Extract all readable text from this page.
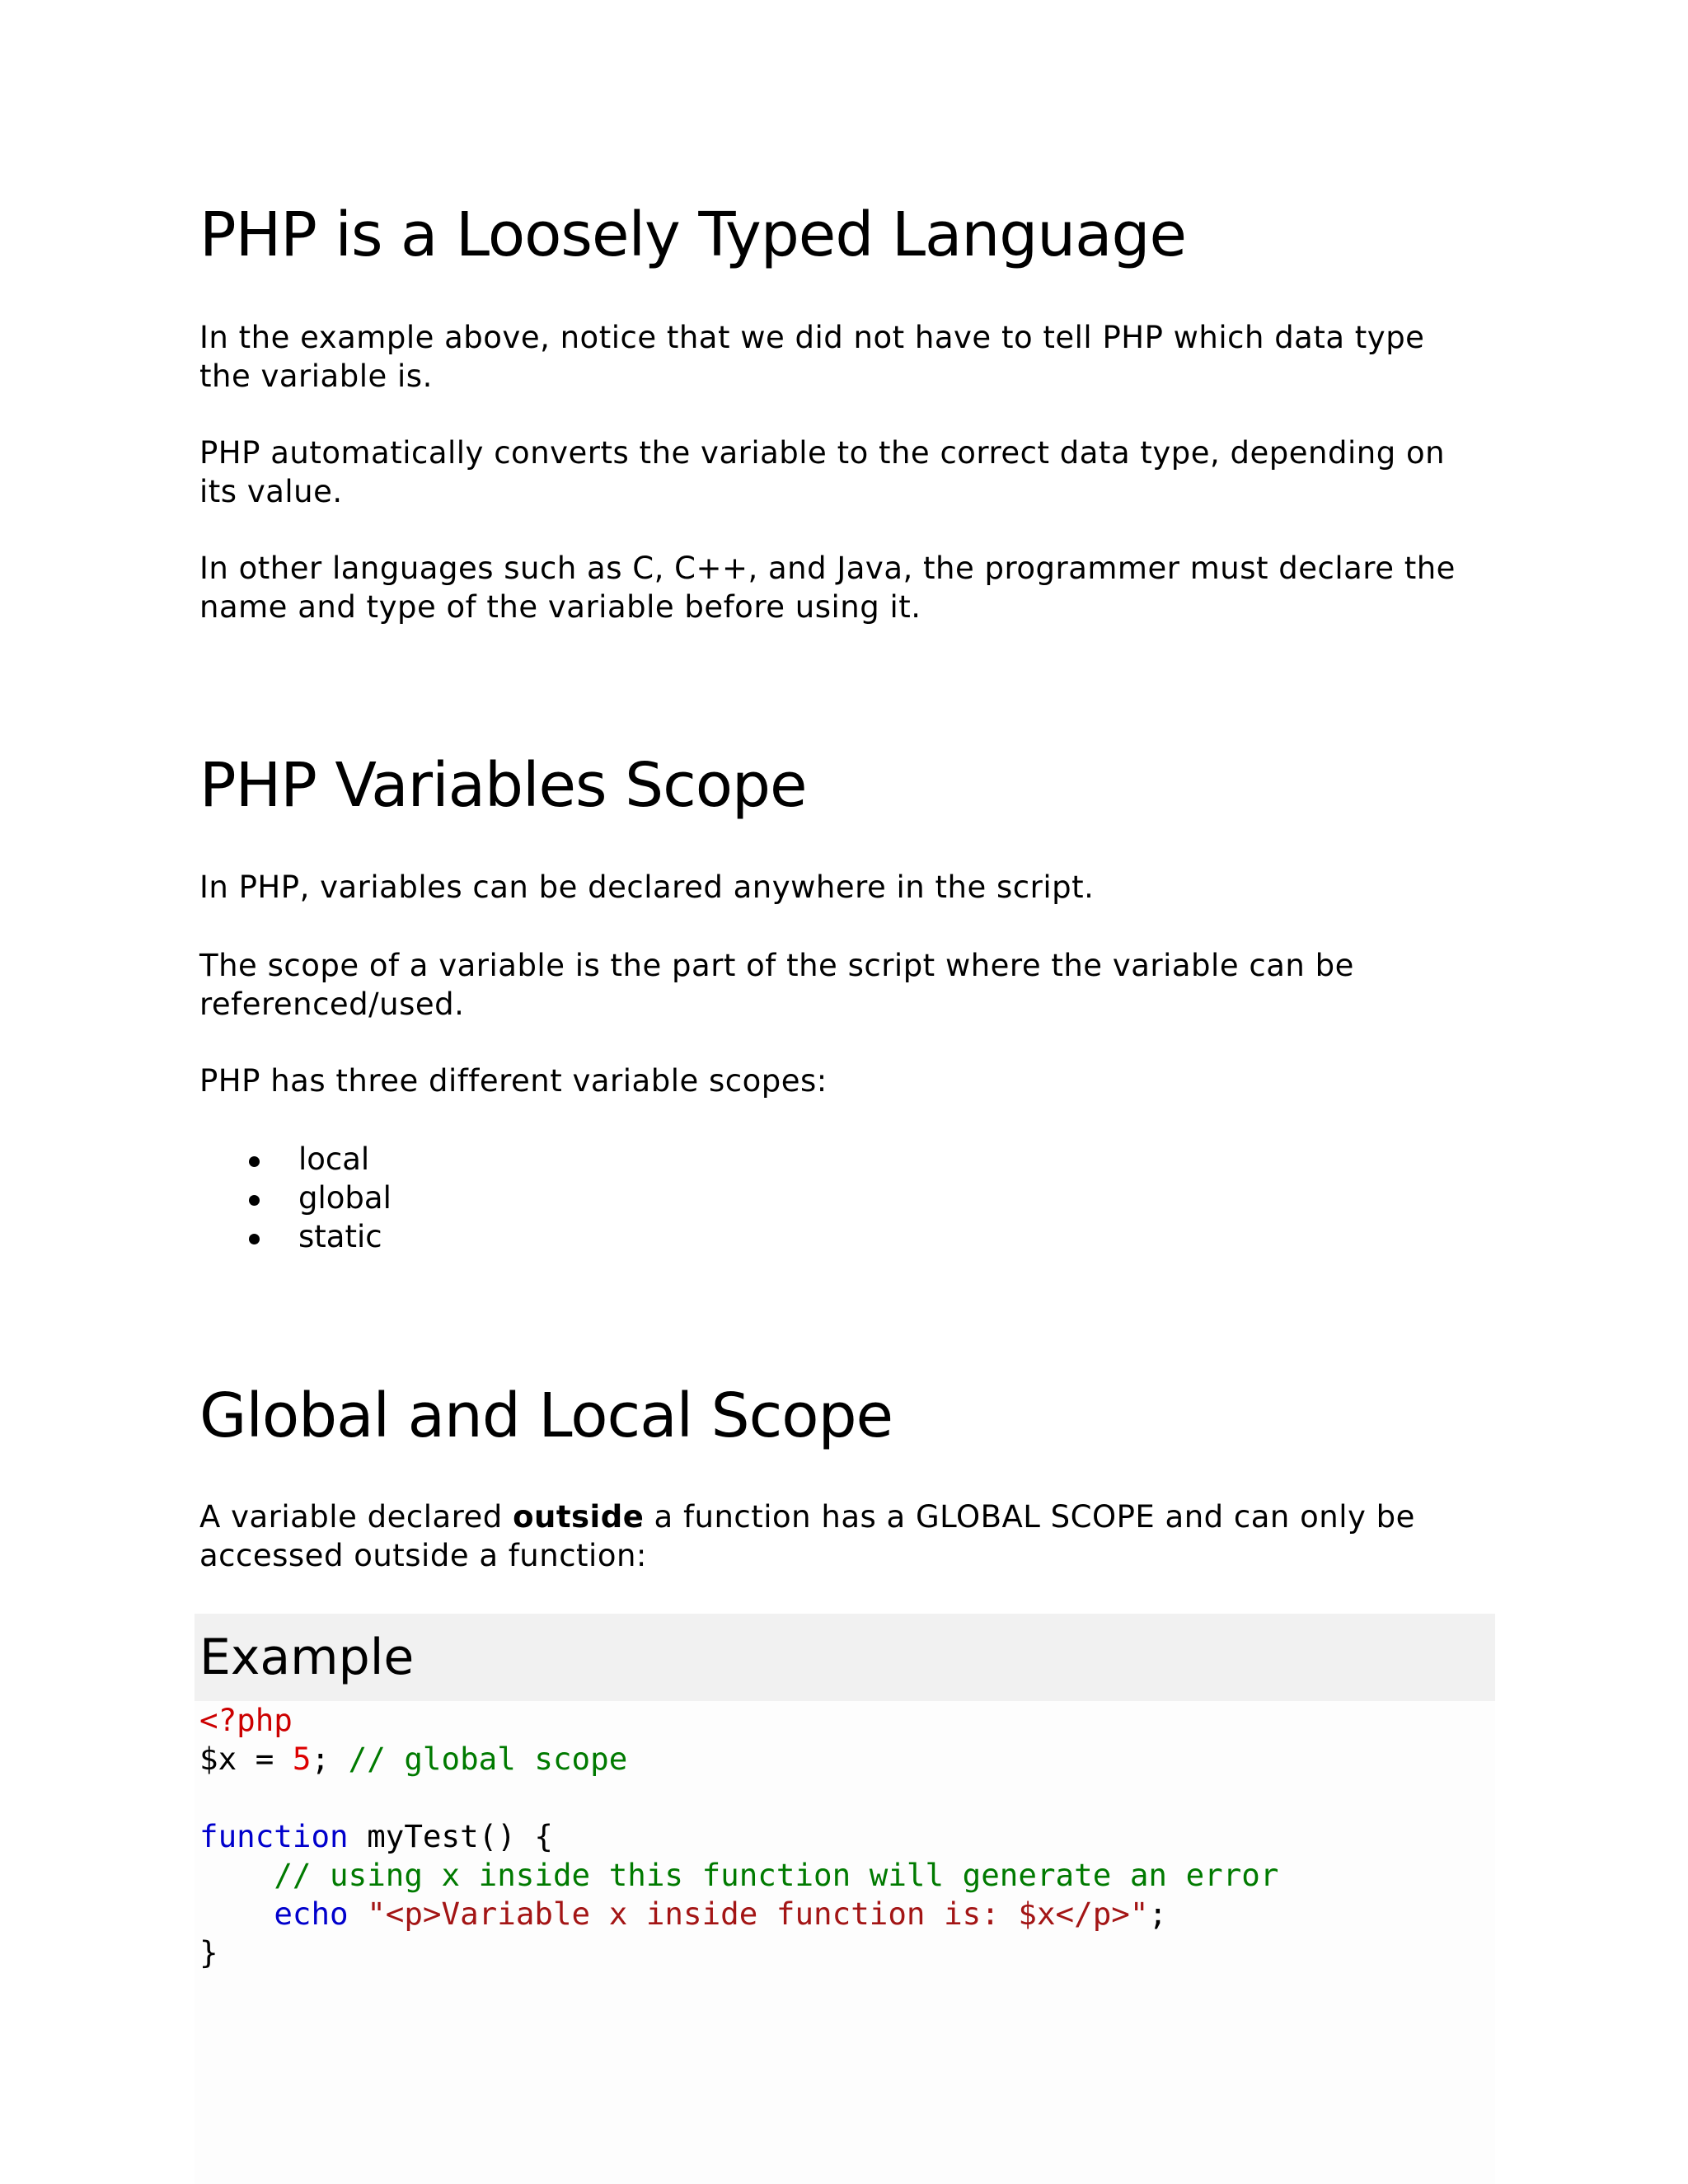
PHP is a Loosely Typed Language

In the example above, notice that we did not have to tell PHP which data type the variable is.

PHP automatically converts the variable to the correct data type, depending on its value.

In other languages such as C, C++, and Java, the programmer must declare the name and type of the variable before using it.

PHP Variables Scope

In PHP, variables can be declared anywhere in the script.

The scope of a variable is the part of the script where the variable can be referenced/used.

PHP has three different variable scopes:

local
global
static
Global and Local Scope

A variable declared outside a function has a GLOBAL SCOPE and can only be accessed outside a function:

Example
<?php
$x = 5; // global scope
function myTest() {
// using x inside this function will generate an error
echo "<p>Variable x inside function is: $x</p>";
}
